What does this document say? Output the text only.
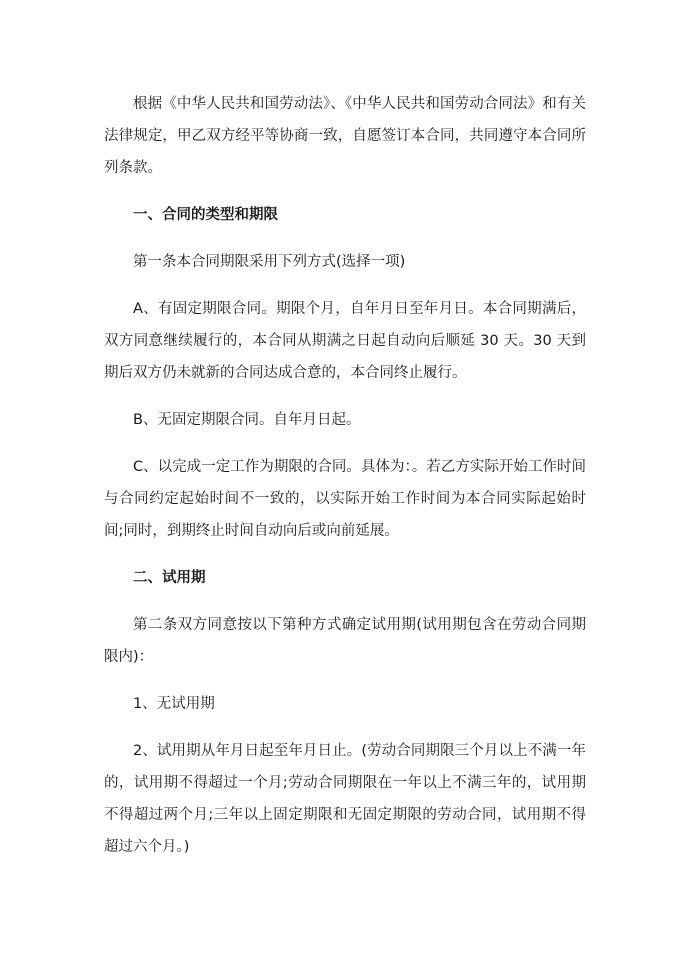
根据《中华人民共和国劳动法》、《中华人民共和国劳动合同法》和有关法律规定，甲乙双方经平等协商一致，自愿签订本合同，共同遵守本合同所列条款。

一、合同的类型和期限

第一条本合同期限采用下列方式(选择一项)

A、有固定期限合同。期限个月，自年月日至年月日。本合同期满后，双方同意继续履行的，本合同从期满之日起自动向后顺延 30 天。30 天到期后双方仍未就新的合同达成合意的，本合同终止履行。

B、无固定期限合同。自年月日起。

C、以完成一定工作为期限的合同。具体为：。若乙方实际开始工作时间与合同约定起始时间不一致的，以实际开始工作时间为本合同实际起始时间;同时，到期终止时间自动向后或向前延展。

二、试用期

第二条双方同意按以下第种方式确定试用期(试用期包含在劳动合同期限内)：

1、无试用期

2、试用期从年月日起至年月日止。(劳动合同期限三个月以上不满一年的，试用期不得超过一个月;劳动合同期限在一年以上不满三年的，试用期不得超过两个月;三年以上固定期限和无固定期限的劳动合同，试用期不得超过六个月。)
